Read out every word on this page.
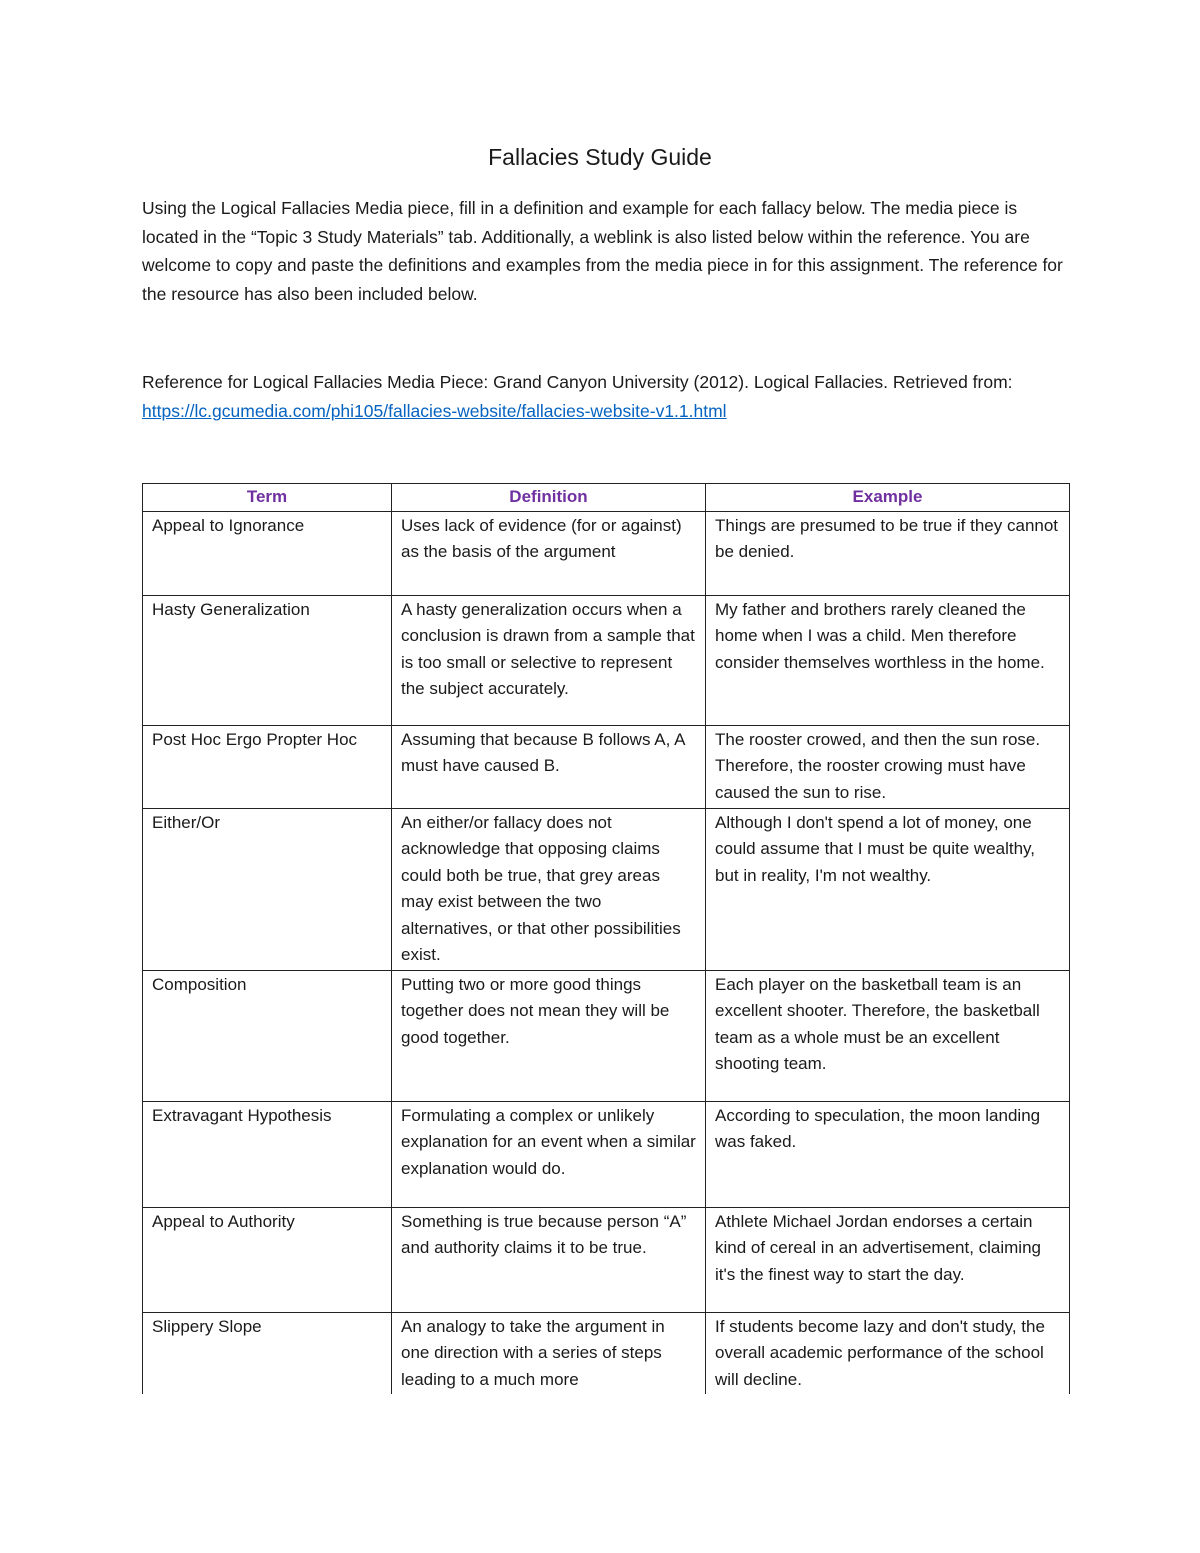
Fallacies Study Guide

Using the Logical Fallacies Media piece, fill in a definition and example for each fallacy below. The media piece is located in the “Topic 3 Study Materials” tab. Additionally, a weblink is also listed below within the reference. You are welcome to copy and paste the definitions and examples from the media piece in for this assignment. The reference for the resource has also been included below.

Reference for Logical Fallacies Media Piece: Grand Canyon University (2012). Logical Fallacies. Retrieved from: https://lc.gcumedia.com/phi105/fallacies-website/fallacies-website-v1.1.html

Term	Definition	Example
Appeal to Ignorance	Uses lack of evidence (for or against) as the basis of the argument	Things are presumed to be true if they cannot be denied.
Hasty Generalization	A hasty generalization occurs when a conclusion is drawn from a sample that is too small or selective to represent the subject accurately.	My father and brothers rarely cleaned the home when I was a child. Men therefore consider themselves worthless in the home.
Post Hoc Ergo Propter Hoc	Assuming that because B follows A, A must have caused B.	The rooster crowed, and then the sun rose. Therefore, the rooster crowing must have caused the sun to rise.
Either/Or	An either/or fallacy does not acknowledge that opposing claims could both be true, that grey areas may exist between the two alternatives, or that other possibilities exist.	Although I don't spend a lot of money, one could assume that I must be quite wealthy, but in reality, I'm not wealthy.
Composition	Putting two or more good things together does not mean they will be good together.	Each player on the basketball team is an excellent shooter. Therefore, the basketball team as a whole must be an excellent shooting team.
Extravagant Hypothesis	Formulating a complex or unlikely explanation for an event when a similar explanation would do.	According to speculation, the moon landing was faked.
Appeal to Authority	Something is true because person “A” and authority claims it to be true.	Athlete Michael Jordan endorses a certain kind of cereal in an advertisement, claiming it's the finest way to start the day.
Slippery Slope	An analogy to take the argument in one direction with a series of steps leading to a much more	If students become lazy and don't study, the overall academic performance of the school will decline.
